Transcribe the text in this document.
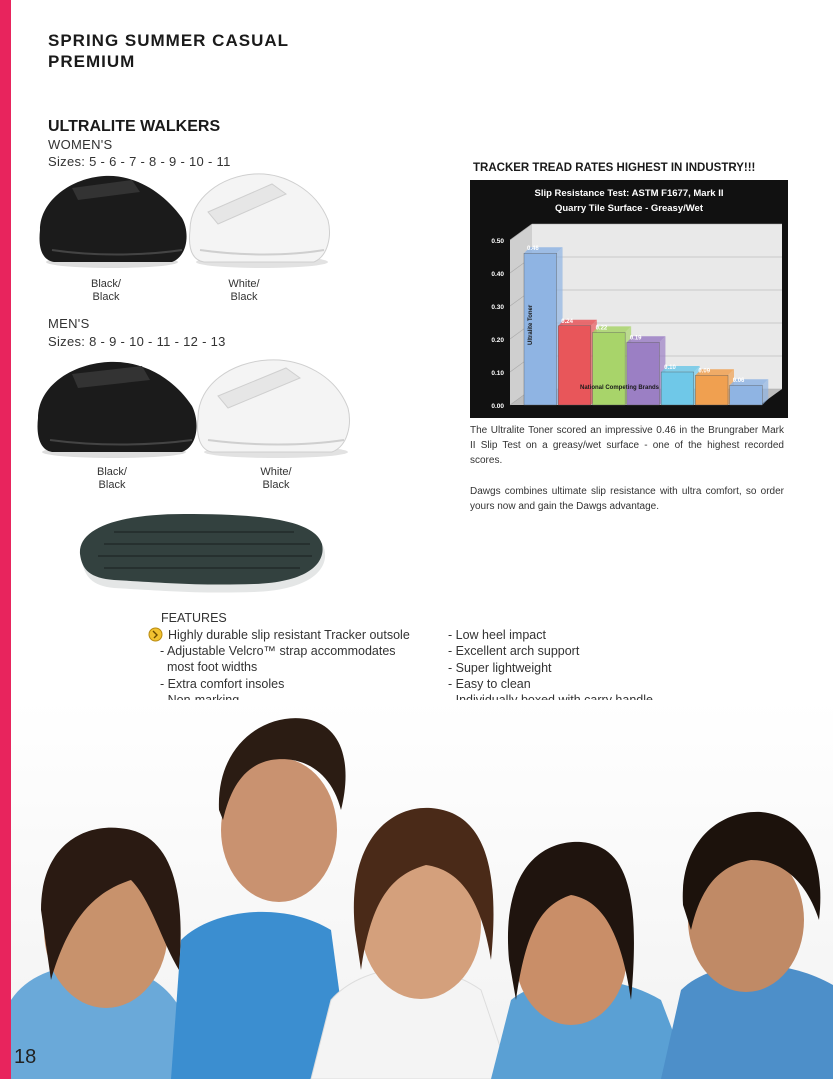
SPRING SUMMER CASUAL
PREMIUM
ULTRALITE WALKERS
WOMEN'S
Sizes: 5 - 6 - 7 - 8 - 9 - 10 - 11
Black/
Black
White/
Black
MEN'S
Sizes: 8 - 9 - 10 - 11 - 12 - 13
Black/
Black
White/
Black
TRACKER TREAD RATES HIGHEST IN INDUSTRY!!!
Slip Resistance Test: ASTM F1677, Mark II
Quarry Tile Surface - Greasy/Wet
0.00
0.10
0.20
0.30
0.40
0.50
0.46
0.24
0.22
0.19
0.10
0.09
0.06
Ultralite Toner
National Competing Brands
The Ultralite Toner scored an impressive 0.46 in the Brungraber Mark II Slip Test on a greasy/wet surface - one of the highest recorded scores.
Dawgs combines ultimate slip resistance with ultra comfort, so order yours now and gain the Dawgs advantage.
FEATURES
Highly durable slip resistant Tracker outsole
- Adjustable Velcro™ strap accommodates
most foot widths
- Extra comfort insoles
- Low heel impact
- Excellent arch support
- Super lightweight
- Easy to clean
18
